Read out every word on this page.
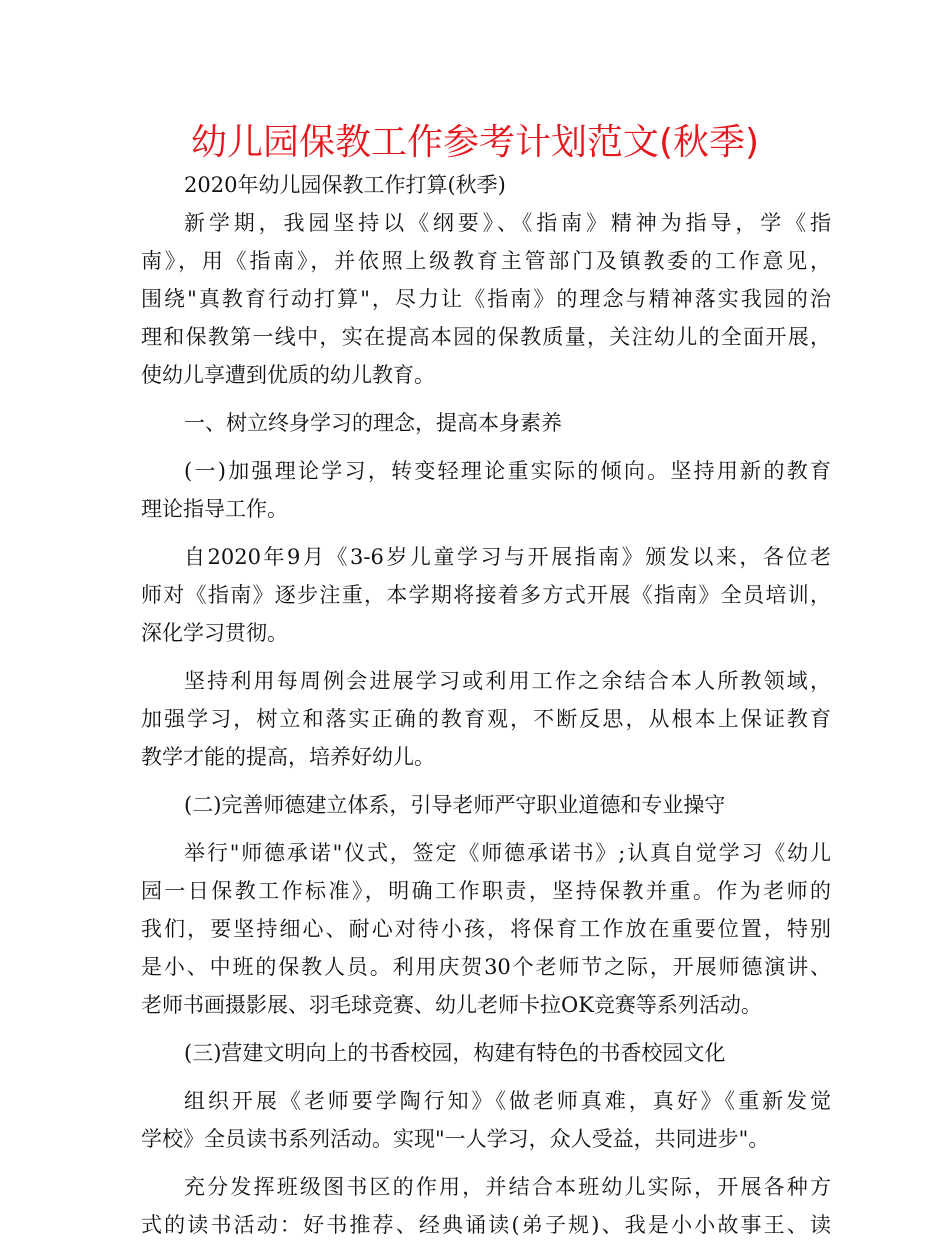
幼儿园保教工作参考计划范文(秋季)
2020年幼儿园保教工作打算(秋季)
新学期，我园坚持以《纲要》、《指南》精神为指导，学《指
南》，用《指南》，并依照上级教育主管部门及镇教委的工作意见，
围绕"真教育行动打算"，尽力让《指南》的理念与精神落实我园的治
理和保教第一线中，实在提高本园的保教质量，关注幼儿的全面开展，
使幼儿享遭到优质的幼儿教育。
一、树立终身学习的理念，提高本身素养
(一)加强理论学习，转变轻理论重实际的倾向。坚持用新的教育
理论指导工作。
自2020年9月《3-6岁儿童学习与开展指南》颁发以来，各位老
师对《指南》逐步注重，本学期将接着多方式开展《指南》全员培训，
深化学习贯彻。
坚持利用每周例会进展学习或利用工作之余结合本人所教领域，
加强学习，树立和落实正确的教育观，不断反思，从根本上保证教育
教学才能的提高，培养好幼儿。
(二)完善师德建立体系，引导老师严守职业道德和专业操守
举行"师德承诺"仪式，签定《师德承诺书》;认真自觉学习《幼儿
园一日保教工作标准》，明确工作职责，坚持保教并重。作为老师的
我们，要坚持细心、耐心对待小孩，将保育工作放在重要位置，特别
是小、中班的保教人员。利用庆贺30个老师节之际，开展师德演讲、
老师书画摄影展、羽毛球竞赛、幼儿老师卡拉OK竞赛等系列活动。
(三)营建文明向上的书香校园，构建有特色的书香校园文化
组织开展《老师要学陶行知》《做老师真难，真好》《重新发觉
学校》全员读书系列活动。实现"一人学习，众人受益，共同进步"。
充分发挥班级图书区的作用，并结合本班幼儿实际，开展各种方
式的读书活动：好书推荐、经典诵读(弟子规)、我是小小故事王、读
